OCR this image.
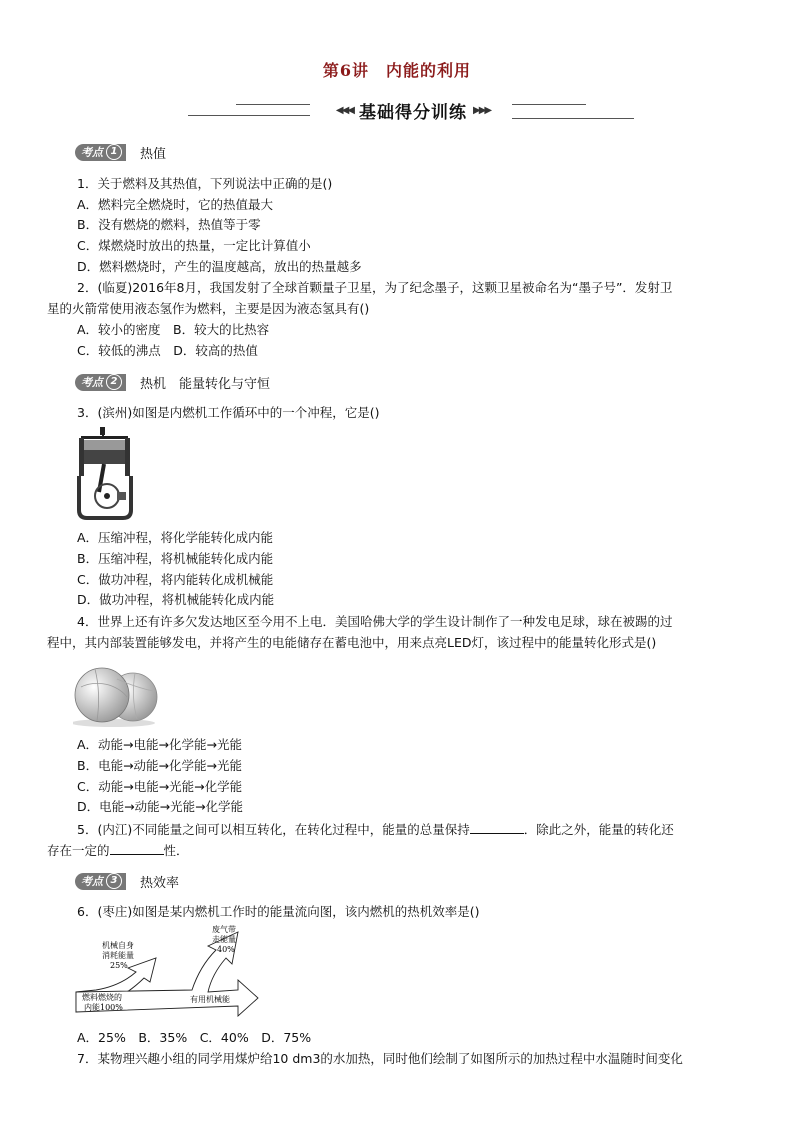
第6讲　内能的利用
◀◀◀ 基础得分训练 ▶▶▶
考点 1	热值
1．关于燃料及其热值，下列说法中正确的是()
A．燃料完全燃烧时，它的热值最大
B．没有燃烧的燃料，热值等于零
C．煤燃烧时放出的热量，一定比计算值小
D．燃料燃烧时，产生的温度越高，放出的热量越多
2．(临夏)2016年8月，我国发射了全球首颗量子卫星，为了纪念墨子，这颗卫星被命名为“墨子号”．发射卫
星的火箭常使用液态氢作为燃料，主要是因为液态氢具有()
A．较小的密度　B．较大的比热容
C．较低的沸点　D．较高的热值
考点 2	热机　能量转化与守恒
3．(滨州)如图是内燃机工作循环中的一个冲程，它是()
A．压缩冲程，将化学能转化成内能
B．压缩冲程，将机械能转化成内能
C．做功冲程，将内能转化成机械能
D．做功冲程，将机械能转化成内能
4．世界上还有许多欠发达地区至今用不上电．美国哈佛大学的学生设计制作了一种发电足球，球在被踢的过
程中，其内部装置能够发电，并将产生的电能储存在蓄电池中，用来点亮LED灯，该过程中的能量转化形式是()
A．动能→电能→化学能→光能
B．电能→动能→化学能→光能
C．动能→电能→光能→化学能
D．电能→动能→光能→化学能
5．(内江)不同能量之间可以相互转化，在转化过程中，能量的总量保持	．除此之外，能量的转化还
存在一定的	性．
考点 3	热效率
6．(枣庄)如图是某内燃机工作时的能量流向图，该内燃机的热机效率是()
燃料燃烧的
内能100%
机械自身
消耗能量
25%
废气带
走能量
40%
有用机械能
A．25%　B．35%　C．40%　D．75%
7．某物理兴趣小组的同学用煤炉给10 dm3的水加热，同时他们绘制了如图所示的加热过程中水温随时间变化
